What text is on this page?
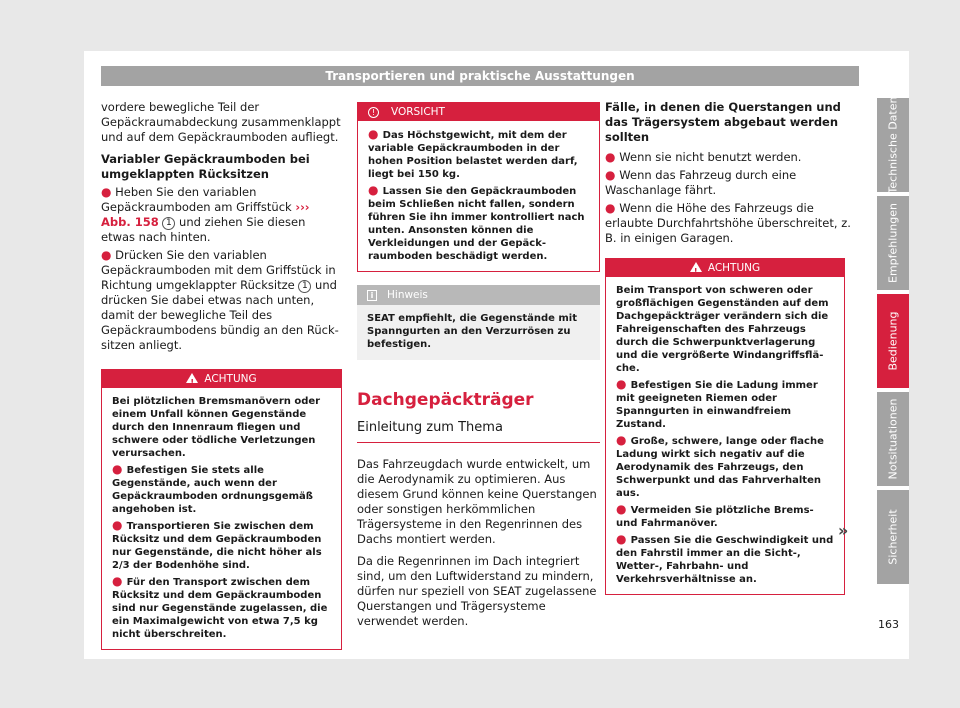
Transportieren und praktische Ausstattungen

vordere bewegliche Teil der Gepäckraumabdeckung zusammenklappt und auf dem Gepäckraumboden aufliegt.

Variabler Gepäckraumboden bei umgeklappten Rücksitzen

● Heben Sie den variablen Gepäckraumboden am Griffstück ››› Abb. 158 1 und ziehen Sie diesen etwas nach hinten.
● Drücken Sie den variablen Gepäckraumboden mit dem Griffstück in Richtung umgeklappter Rücksitze 1 und drücken Sie dabei etwas nach unten, damit der bewegliche Teil des Gepäckraumbodens bündig an den Rücksitzen anliegt.
!ACHTUNG

Bei plötzlichen Bremsmanövern oder einem Unfall können Gegenstände durch den Innenraum fliegen und schwere oder tödliche Verletzungen verursachen.

● Befestigen Sie stets alle Gegenstände, auch wenn der Gepäckraumboden ordnungsgemäß angehoben ist.
● Transportieren Sie zwischen dem Rücksitz und dem Gepäckraumboden nur Gegenstände, die nicht höher als 2/3 der Bodenhöhe sind.
● Für den Transport zwischen dem Rücksitz und dem Gepäckraumboden sind nur Gegenstände zugelassen, die ein Maximalgewicht von etwa 7,5 kg nicht überschreiten.
! VORSICHT
● Das Höchstgewicht, mit dem der variable Gepäckraumboden in der hohen Position belastet werden darf, liegt bei 150 kg.
● Lassen Sie den Gepäckraumboden beim Schließen nicht fallen, sondern führen Sie ihn immer kontrolliert nach unten. Ansonsten können die Verkleidungen und der Gepäckraumboden beschädigt werden.
i Hinweis
SEAT empfiehlt, die Gegenstände mit Spanngurten an den Verzurrösen zu befestigen.
Dachgepäckträger
Einleitung zum Thema

Das Fahrzeugdach wurde entwickelt, um die Aerodynamik zu optimieren. Aus diesem Grund können keine Querstangen oder sonstigen herkömmlichen Trägersysteme in den Regenrinnen des Dachs montiert werden.

Da die Regenrinnen im Dach integriert sind, um den Luftwiderstand zu mindern, dürfen nur speziell von SEAT zugelassene Querstangen und Trägersysteme verwendet werden.

Fälle, in denen die Querstangen und das Trägersystem abgebaut werden sollten

● Wenn sie nicht benutzt werden.
● Wenn das Fahrzeug durch eine Waschanlage fährt.
● Wenn die Höhe des Fahrzeugs die erlaubte Durchfahrtshöhe überschreitet, z. B. in einigen Garagen.
!ACHTUNG

Beim Transport von schweren oder großflächigen Gegenständen auf dem Dachgepäckträger verändern sich die Fahreigenschaften des Fahrzeugs durch die Schwerpunktverlagerung und die vergrößerte Windangriffsfläche.

● Befestigen Sie die Ladung immer mit geeigneten Riemen oder Spanngurten in einwandfreiem Zustand.
● Große, schwere, lange oder flache Ladung wirkt sich negativ auf die Aerodynamik des Fahrzeugs, den Schwerpunkt und das Fahrverhalten aus.
● Vermeiden Sie plötzliche Brems- und Fahrmanöver.
● Passen Sie die Geschwindigkeit und den Fahrstil immer an die Sicht-, Wetter-, Fahrbahn- und Verkehrsverhältnisse an.
»
Technische Daten
Empfehlungen
Bedienung
Notsituationen
Sicherheit
163
